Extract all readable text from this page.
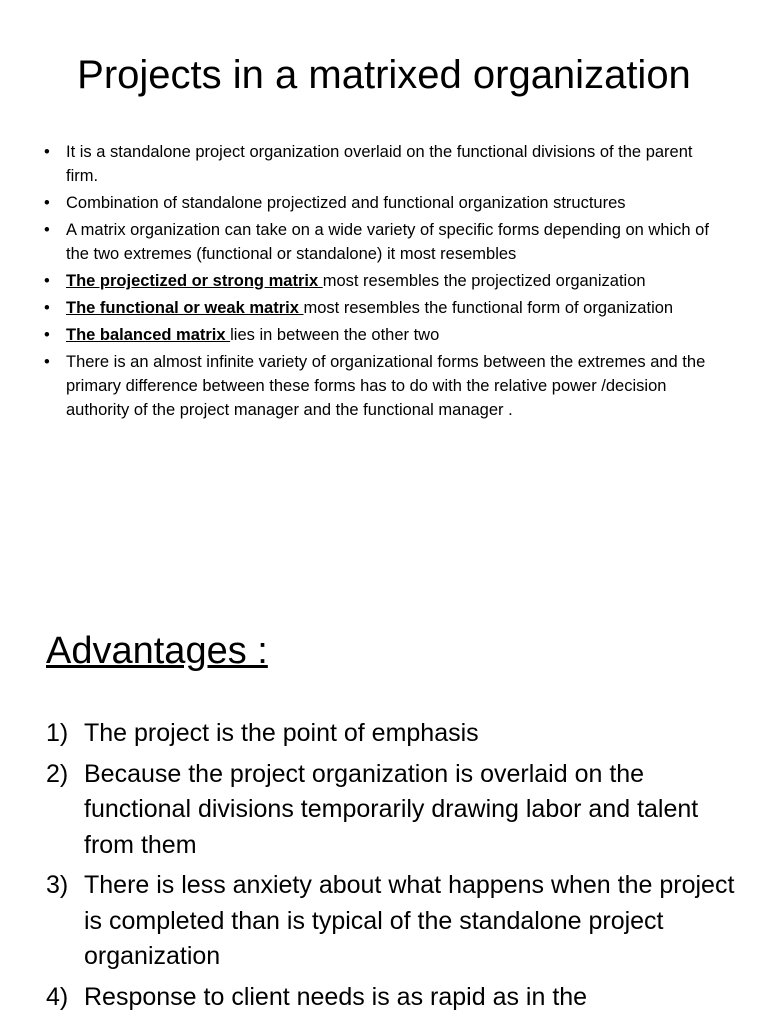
Projects in a matrixed organization
• It is a standalone project organization overlaid on the functional divisions of the parent firm.
• Combination of standalone projectized and functional organization structures
• A matrix organization can take on a wide variety of specific forms depending on which of the two extremes (functional or standalone) it most resembles
• The projectized or strong matrix most resembles the projectized organization
• The functional or weak matrix most resembles the functional form of organization
• The balanced matrix lies in between the other two
• There is an almost infinite variety of organizational forms between the extremes and the primary difference between these forms has to do with the relative power /decision authority of the project manager and the functional manager .
Advantages :
1) The project is the point of emphasis
2) Because the project organization is overlaid on the functional divisions temporarily drawing labor and talent from them
3) There is less anxiety about what happens when the project is completed than is typical of the standalone project organization
4) Response to client needs is as rapid as in the
